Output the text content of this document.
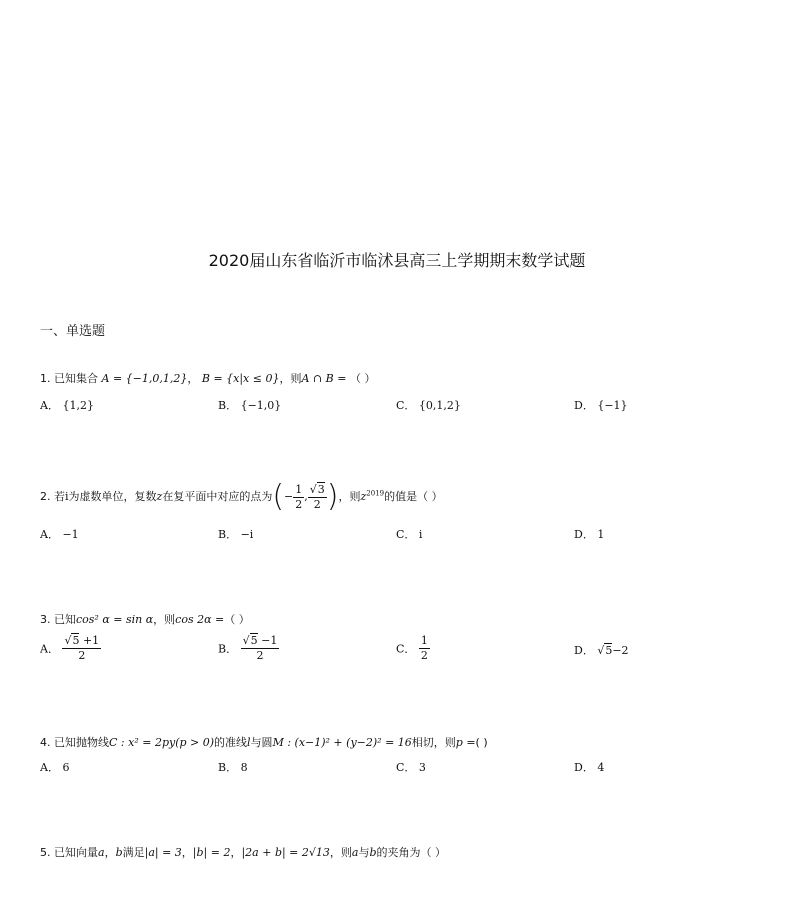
2020届山东省临沂市临沭县高三上学期期末数学试题
一、单选题
1. 已知集合 A = {−1,0,1,2}， B = {x|x ≤ 0}，则A ∩ B = （ ）
A． {1,2}	B． {−1,0}	C． {0,1,2}	D． {−1}
2. 若i为虚数单位，复数z在复平面中对应的点为(− $\frac{1}{2}$ , $\frac{√3}{2}$ )，则$z^{2019}$的值是（ ）
A． −1	B． −i	C． i	D． 1
3. 已知cos² α = sin α，则cos 2α =（ ）
A． $\frac{√5 +1}{2}$	B． $\frac{√5 -1}{2}$	C． $\frac{1}{2}$	D． √5−2
4. 已知抛物线C : x² = 2py(p > 0)的准线l与圆M : (x−1)² + (y−2)² = 16相切，则p =( )
A． 6	B． 8	C． 3	D． 4
5. 已知向量a，b满足|a| = 3，|b| = 2，|2a + b| = 2√13，则a与b的夹角为（ ）
